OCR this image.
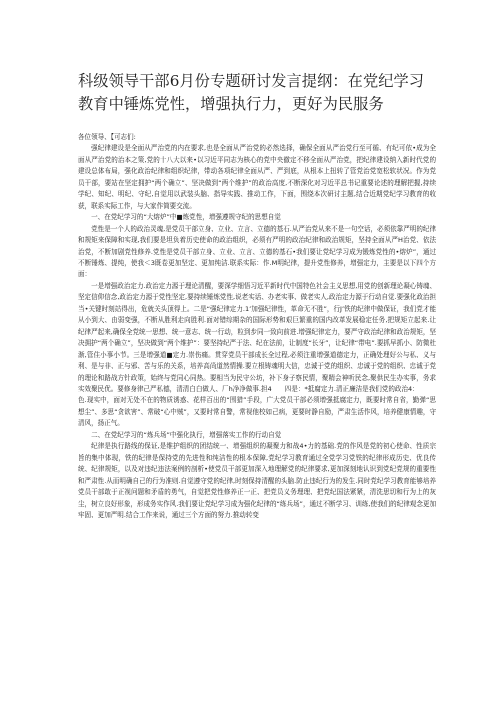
科级领导干部6月份专题研讨发言提纲：在党纪学习教育中锤炼党性，增强执行力，更好为民服务

各位领导、【可志们:

强纪律建设是全面从严治党的内在要求,也是全面从严治党的必然选择，确保全面从严治党行至可循、有纪可依•成为全面从严治党的治本之策,党的十八大以来•以习近平同志为核心的党中央徹定不移全面从严治党，把纪律建设纳入新时代党的建设总体布局，强化政治纪律和组织纪律，带动各项纪律全面从严、严到底，从根本上扭转了管党治党宽松软状况。作为党员干部，要站在坚定拥护“两个确立”、坚决做到“两个维护”的政治高度,不断深化对习近平总书记重要论述的理解把握,持续学纪、知纪、明纪、守纪,自觉用以武装头脑、指导实践、推动工作，下面，围绕本次研讨主题,结合近期党纪学习教育的收获，联系实际工作，与大家作简要交流。

一、在党纪学习的“大熔炉”中■炼党性，增强遵规守纪的思想自觉

党性是一个人的政治灵魂,是党员干部立身、立业、立言、立德的基石.从严治党从来不是一句空话，必须依靠严明的纪律和规矩来保障和实现,我们要是坦负着历史使命的政治组织，必须有严明的政治纪律和政治规矩，坚持全面从严H治党、依法治党，不断加剧党性修养.党性是党员干部立身、立业、立言、立德的基石•我们要让党纪学习成为锻炼党性的•熔炉”，通过不断锤炼、提纯，使我＜3既卷更加坚定、更加纯洁.联系实际：作.M明纪律，提升党性修养，增强定力，主要是以下四个方面：

一是增强政治定力.政治定力源于理论清醒，要深学细悟习近平新时代中国特色社会主义思想,用党的创新理论凝心铸魂、坚定信仰信念,政治定力源于党性坚定,要持续锤炼党性,说老实话、办老实事、做老实人,政治定力源于行动自觉.要强化政治担当•关键时刻站得出，危就关头顶得上。二是“强纪律定力.1’加强纪律性，革命无不胜”，行J’铁的纪律中做保证，我们党才能从小到大、由弱变强，不断从胜利走向胜利.面对错综期杂的国际形势和艰巨繁重的国内改革发展稳定任务,把规矩立起来.让纪律严起来,确保全党统一思想、统一意志、统一行动，粒到步同一致向前进.增强纪律定力，要严守政治纪律和政治规矩，坚决拥护“两个确立”，坚决做到“两个维护”：要坚持纪严于法、纪在法前，让制度“长牙”，让纪律“带电”.要抓早抓小、防微杜渐,管住小事小节。三是增强道■定力.崇伤痛。贯穿党员干部成长全过程,必须注重增强道德定力，正确处理好公与私、义与利、是与非、正与邪、苦与乐的关系，培养高尚道然情操.要立根铸魂明大信，忠诚于党的组织、忠诚于党的组织、忠诚于党的理论和路战方针政策，始终与党同心同热。要相当为民守公坊，补下身子察民情，聚精会神听民念,聚供民生办实事，务求实效聚民优。要修身律己严私德，清清白白做人、厂h净净做事.担4　　四是：*抵腐定力.清正廉洁是我们党的政治4：

色.现实中，面对无处不在的物质诱惑、花样百出的“围猎”手段，广大党员干部必须增强抵腐定力，既要时常自省，勤弹“思想尘”、多思“贪欲害”、常破“心中贼”，又要时常自警，常视他校如己病，更要时静自励，严肃生活作风，培养健康情趣，守清风，扬正气。

二、在党纪学习的“炼兵场”中强化执行，增强落实工作的行动自觉

纪律是执行路线的保证,是维护组织的团结统一、增强组织的凝聚力和战4•力的基础.党的作风是党的初心使命、性质宗旨的集中体现，铁的纪律是保持党的先进性和纯洁性的根本保障,党纪学习教育通过全党学习党铁的纪律形成历史、优良传统、纪律规矩，以及对违纪违法案例的剖析•使党员干部更加深入地理解党的纪律要求,更加深刻地认识到党纪党规的重要性和严肃性.从而明确自己的行为准则.自觉遵守党的纪律,时刻保持清醒的头脑.防止违纪行为的发生.同时党纪学习教育能够培养党员干部敢于正视问题和矛盾的勇气，自觉把党性修养正一正、把党员义务理理、把党纪国法紧紧，清洗思切和行为上的灰尘，树立良好形象，形成务实作风.我们要让党纪学习成为强化纪律的“练兵场”，通过不断学习、训练,使我们的纪律观念更加牢固、更加严明.结合工作来说，通过三个方面的努力.推动转变
